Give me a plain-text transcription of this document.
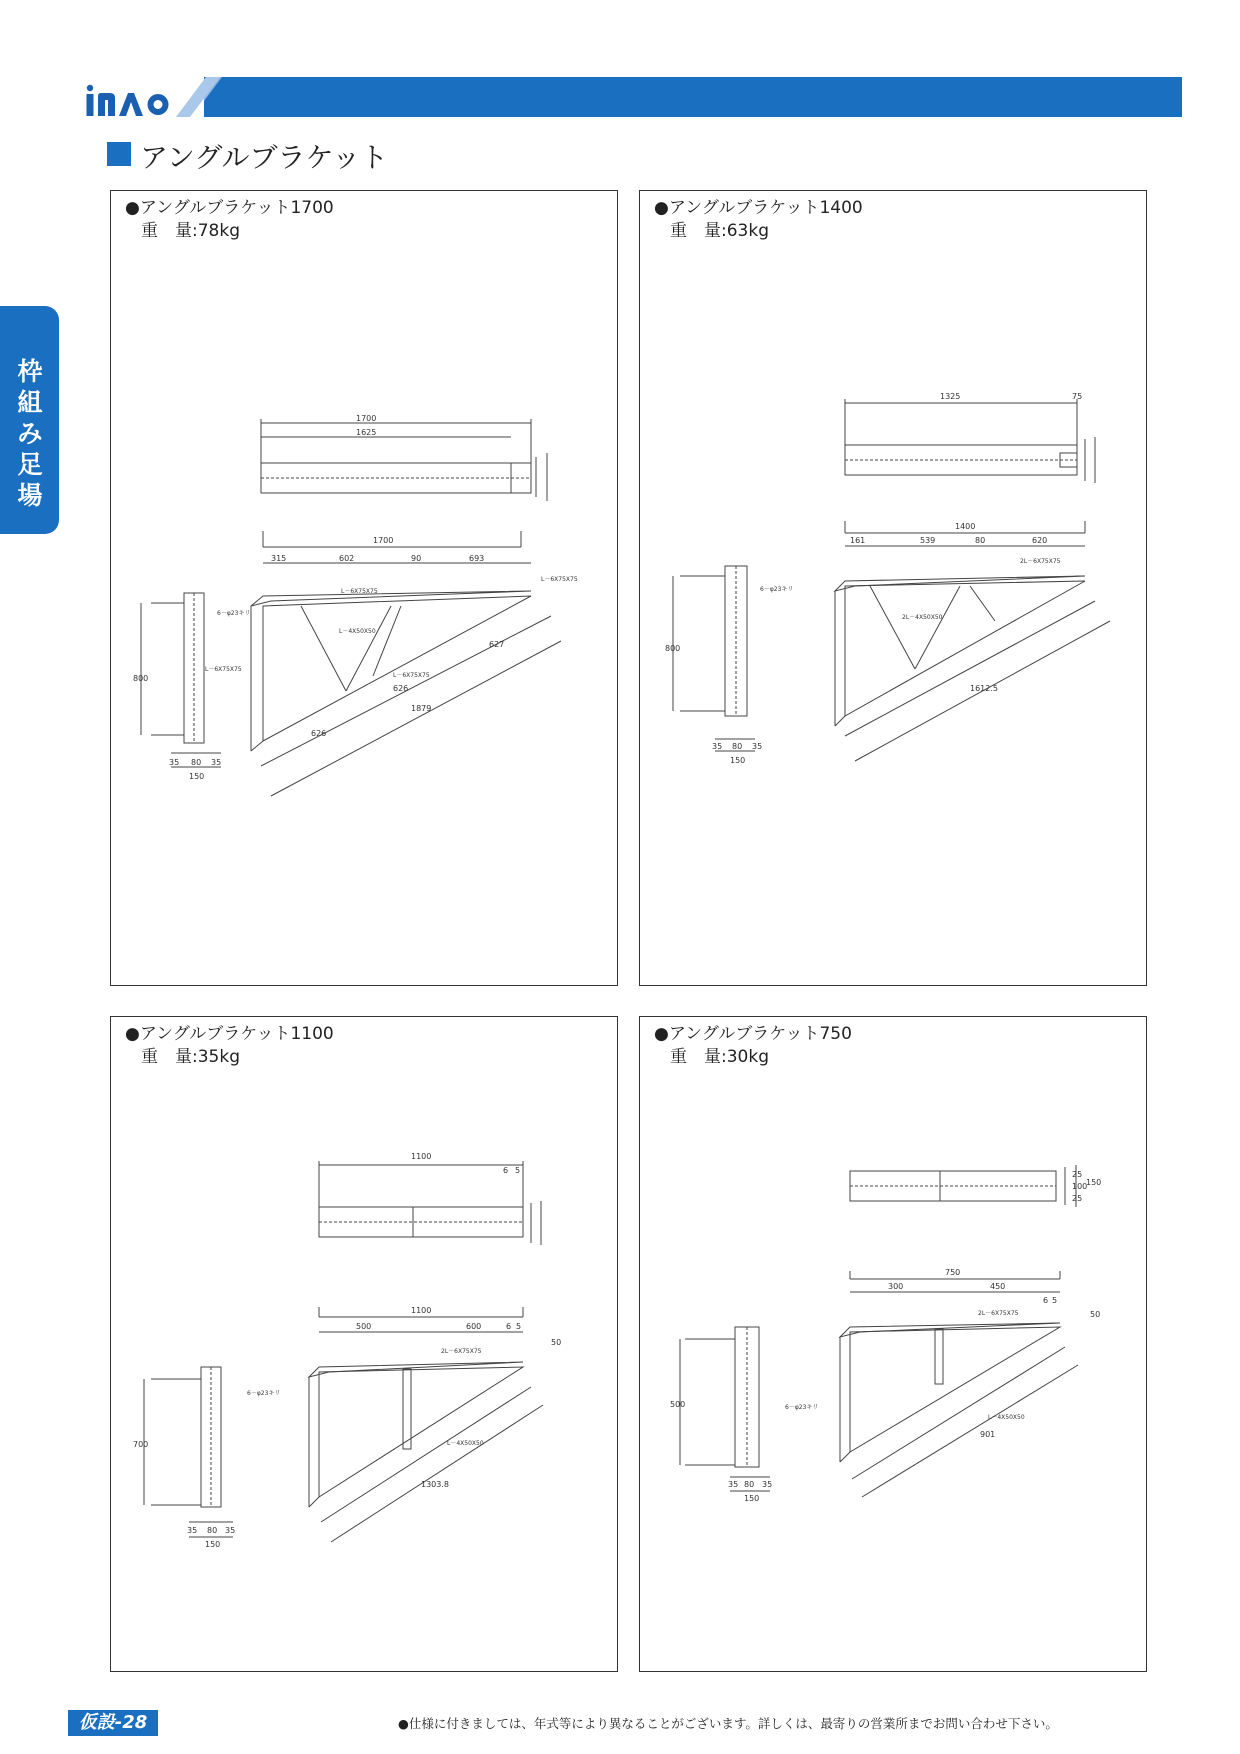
アングルブラケット
枠
組
み
足
場
●アングルブラケット1700
重　量:78kg
1700
1625
1700
315	602	90	693
626
1879
626
627
800
35 80 35
150
L－6X75X75
L－6X75X75
L－4X50X50
L－6X75X75
L－6X75X75
6－φ23キリ
●アングルブラケット1400
重　量:63kg
1325	75
1400
161	539	80	620
1612.5
800
35 80 35
150
2L－6X75X75
2L－4X50X50
6－φ23キリ
●アングルブラケット1100
重　量:35kg
1100
6 5
1100
500	600	6 5
50
1303.8
700
35 80 35
150
2L－6X75X75
L－4X50X50
6－φ23キリ
●アングルブラケット750
重　量:30kg
150
25
100
25
750
300	450
6 5
50
901
500
35 80 35
150
2L－6X75X75
L－4X50X50
6－φ23キリ
仮設-28	●仕様に付きましては、年式等により異なることがございます。詳しくは、最寄りの営業所までお問い合わせ下さい。
